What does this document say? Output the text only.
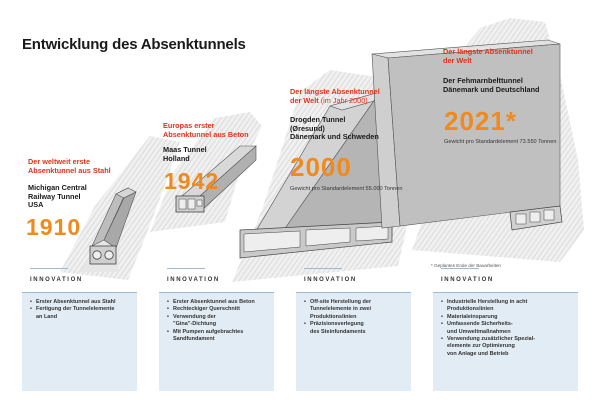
Entwicklung des Absenktunnels
Der weltweit erste
Absenktunnel aus Stahl
Michigan Central
Railway Tunnel
USA
1910
Europas erster
Absenktunnel aus Beton
Maas Tunnel
Holland
1942
Der längste Absenktunnel
der Welt (im Jahr 2000)
Drogden Tunnel
(Øresund)
Dänemark und Schweden
2000
Gewicht pro Standardelement 55.000 Tonnen
Der längste Absenktunnel
der Welt
Der Fehmarnbelttunnel
Dänemark und Deutschland
2021*
Gewicht pro Standardelement 73.550 Tonnen
* Geplantes Ende der Bauarbeiten
INNOVATION
• Erster Absenktunnel aus Stahl
• Fertigung der Tunnelelemente
an Land
INNOVATION
• Erster Absenktunnel aus Beton
• Rechteckiger Querschnitt
• Verwendung der
"Gina"-Dichtung
• Mit Pumpen aufgebrachtes
Sandfundament
INNOVATION
• Off-site Herstellung der
Tunnelelemente in zwei
Produktionslinien
• Präzisionsverlegung
des Steinfundaments
INNOVATION
• Industrielle Herstellung in acht
Produktionslinien
• Materialeinsparung
• Umfassende Sicherheits-
und Umweltmaßnahmen
• Verwendung zusätzlicher Spezial-
elemente zur Optimierung
von Anlage und Betrieb
